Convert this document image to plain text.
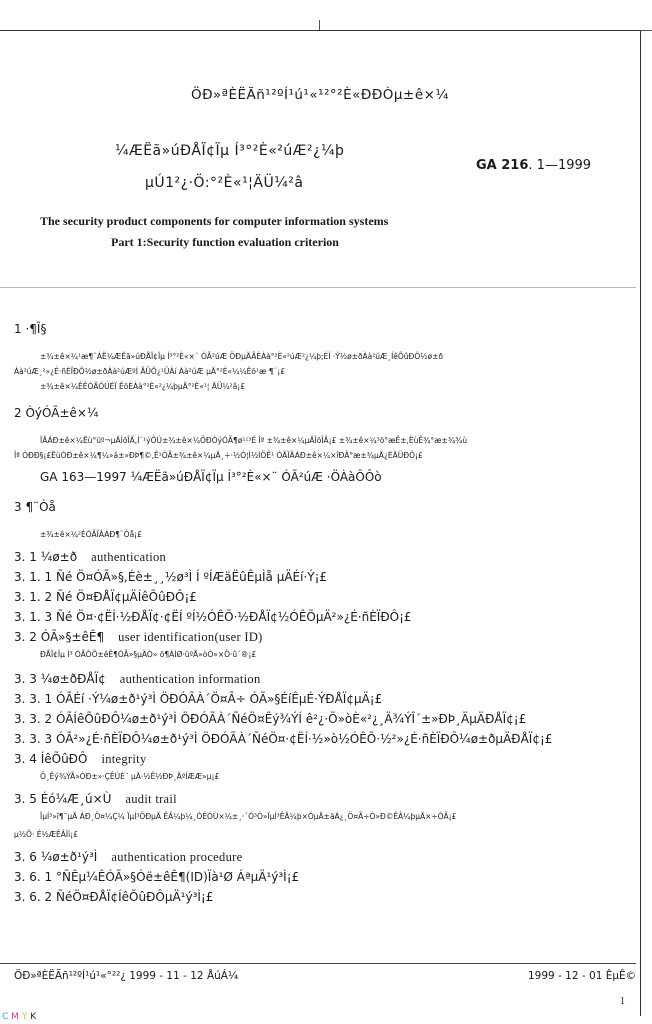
ÖÐ»ªÈËÃñ¹²ºÍ¹ú¹«¹²°²È«ÐÐÒµ±ê×¼
¼ÆËã»úÐÅÏ¢Ïµ Í³°²È«²úÆ²¿¼þ
µÚ1²¿·Ö:°²È«¹¦ÄÜ¼²â
GA 216. 1—1999
The security product components for computer information systems
Part 1:Security function evaluation criterion
1 ·¶Î§
±¾±ê×¼¹æ¶¨ÁË¼ÆËã»úÐÅÏ¢Ïµ Í³°²È«×¨ ÓÃ²úÆ ÖÐµÄÃÈÀà°²È«²úÆ²¿¼þ;ÉÍ ·Ý½ø±ðÀà²úÆ¸ÍêÕûÐÔ½ø±ð
Àà²úÆ¸²»¿É·ñÈÏÐÔ½ø±ðÀà²úÆºÍ ÃÜÔ¿¹ÜÀí Àà²úÆ µÄ°²È«¼¼Êõ¹æ ¶¨¡£
±¾±ê×¼ÊÊÓÃÓÚÉÏ ÊöÈÀà°²È«²¿¼þµÄ°²È«¹¦ ÄÜ¼²â¡£
2 ÒýÓÃ±ê×¼
ÏÂÁÐ±ê×¼Ëù°üº¬µÄÌõÎÄ,Í¨¹ýÔÚ±¾±ê×¼ÖÐÒýÓÃ¶ø¹¹³É Îª ±¾±ê×¼µÄÌõÎÄ¡£ ±¾±ê×¼³ö°æÊ±,ËùÊ¾°æ±¾¾ù
Îª ÓÐÐ§¡£ËùÓÐ±ê×¼¶¼»á±»ÐÞ¶©,Ê¹ÓÃ±¾±ê×¼µÄ¸÷·½Ó¦Ì½ÌÖÊ¹ ÓÃÏÂÁÐ±ê×¼×îÐÂ°æ±¾µÄ¿ÉÄÜÐÔ¡£
GA 163—1997 ¼ÆËã»úÐÅÏ¢Ïµ Í³°²È«×¨ ÓÃ²úÆ ·ÖÀàÔÔò
3 ¶¨Òå
±¾±ê×¼²ÉÓÃÏÂÁÐ¶¨Òå¡£
3. 1 ¼ø±ð authentication
3. 1. 1 Ñé Ö¤ÓÃ»§,Éè±¸¸½ø³Ì Í ºÍÆäËûÊµÌå µÄÉí·Ý¡£
3. 1. 2 Ñé Ö¤ÐÅÏ¢µÄÍêÕûÐÔ¡£
3. 1. 3 Ñé Ö¤·¢ËÍ·½ÐÅÏ¢·¢ËÍ ºÍ½ÓÊÕ·½ÐÅÏ¢½ÓÊÕµÄ²»¿É·ñÈÏÐÔ¡£
3. 2 ÓÃ»§±êÊ¶ user identification(user ID)
ÐÅÏ¢Ïµ Í³ ÓÃÒÔ±êÊ¶ÓÃ»§µÄÒ» ö¶ÀÌØ·ûºÅ»òÒ»×Ö·û´®¡£
3. 3 ¼ø±ðÐÅÏ¢ authentication information
3. 3. 1 ÓÃÉí ·Ý¼ø±ð¹ý³Ì ÖÐÓÃÀ´Ö¤Ã÷ ÓÃ»§ÉíÊµÉ·ÝÐÅÏ¢µÄ¡£
3. 3. 2 ÓÃÍêÕûÐÔ¼ø±ð¹ý³Ì ÖÐÓÃÀ´ÑéÖ¤Êý¾ÝÍ ê²¿·Ö»òÈ«²¿¸Ä¾ÝÎ´±»ÐÞ¸ÄµÄÐÅÏ¢¡£
3. 3. 3 ÓÃ²»¿É·ñÈÏÐÔ¼ø±ð¹ý³Ì ÖÐÓÃÀ´ÑéÖ¤·¢ËÍ·½»ò½ÓÊÕ·½²»¿É·ñÈÏÐÔ¼ø±ðµÄÐÅÏ¢¡£
3. 4 ÍêÕûÐÔ integrity
Ö¸Êý¾ÝÃ»ÓÐ±»·ÇÊÚÈ¨ µÄ·½Ê½ÐÞ¸ÄºÍÆÆ»µ¡£
3. 5 Éó¼Æ¸ú×Ù audit trail
ÏµÍ³»î¶¯µÄ ÁÐ¸Ö¤¼Ç¼ ÏµÍ³ÖÐµÄ ÊÂ¼þ¼¸ÓÉÓÚ×¼±¸·´Ó³Ò»ÏµÍ³ÊÂ¼þ×ÓµÄ±äÁ¿¸Ö¤Ã÷Ò»Ð©ÊÂ¼þµÄ×÷ÓÃ¡£
µ½Ö· É½ÆÊÂÌì¡£
3. 6 ¼ø±ð¹ý³Ì authentication procedure
3. 6. 1 °ÑÊµ¼ÊÓÃ»§Óë±êÊ¶(ID)Ïà¹Ø ÁªµÄ¹ý³Ì¡£
3. 6. 2 ÑéÖ¤ÐÅÏ¢ÍêÕûÐÔµÄ¹ý³Ì¡£
ÖÐ»ªÈËÃñ¹²ºÍ¹ú¹«°²²¿ 1999 - 11 - 12 ÅúÁ¼	1999 - 12 - 01 ÊµÊ©
1
C M Y K
